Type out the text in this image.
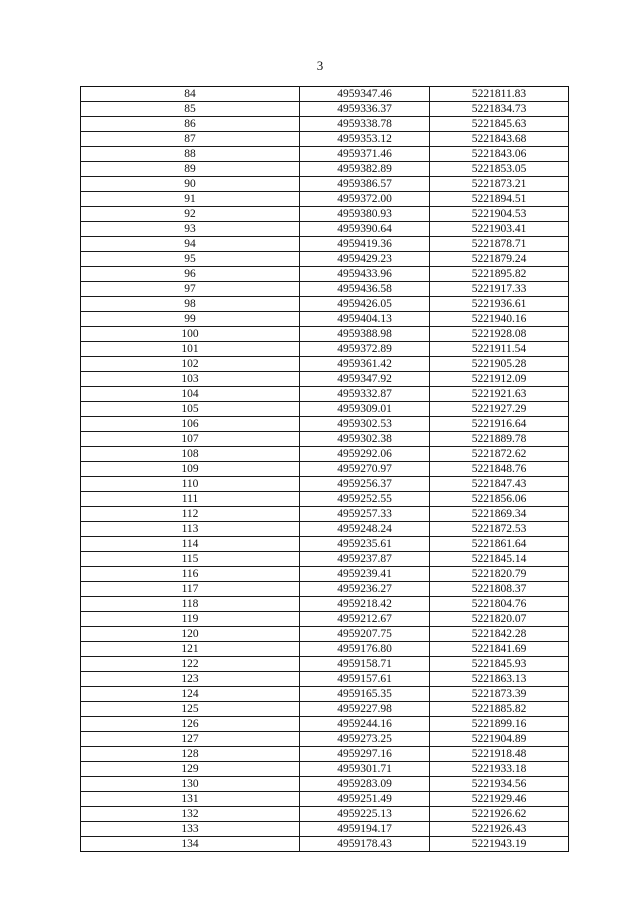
3
84	4959347.46	5221811.83
85	4959336.37	5221834.73
86	4959338.78	5221845.63
87	4959353.12	5221843.68
88	4959371.46	5221843.06
89	4959382.89	5221853.05
90	4959386.57	5221873.21
91	4959372.00	5221894.51
92	4959380.93	5221904.53
93	4959390.64	5221903.41
94	4959419.36	5221878.71
95	4959429.23	5221879.24
96	4959433.96	5221895.82
97	4959436.58	5221917.33
98	4959426.05	5221936.61
99	4959404.13	5221940.16
100	4959388.98	5221928.08
101	4959372.89	5221911.54
102	4959361.42	5221905.28
103	4959347.92	5221912.09
104	4959332.87	5221921.63
105	4959309.01	5221927.29
106	4959302.53	5221916.64
107	4959302.38	5221889.78
108	4959292.06	5221872.62
109	4959270.97	5221848.76
110	4959256.37	5221847.43
111	4959252.55	5221856.06
112	4959257.33	5221869.34
113	4959248.24	5221872.53
114	4959235.61	5221861.64
115	4959237.87	5221845.14
116	4959239.41	5221820.79
117	4959236.27	5221808.37
118	4959218.42	5221804.76
119	4959212.67	5221820.07
120	4959207.75	5221842.28
121	4959176.80	5221841.69
122	4959158.71	5221845.93
123	4959157.61	5221863.13
124	4959165.35	5221873.39
125	4959227.98	5221885.82
126	4959244.16	5221899.16
127	4959273.25	5221904.89
128	4959297.16	5221918.48
129	4959301.71	5221933.18
130	4959283.09	5221934.56
131	4959251.49	5221929.46
132	4959225.13	5221926.62
133	4959194.17	5221926.43
134	4959178.43	5221943.19
